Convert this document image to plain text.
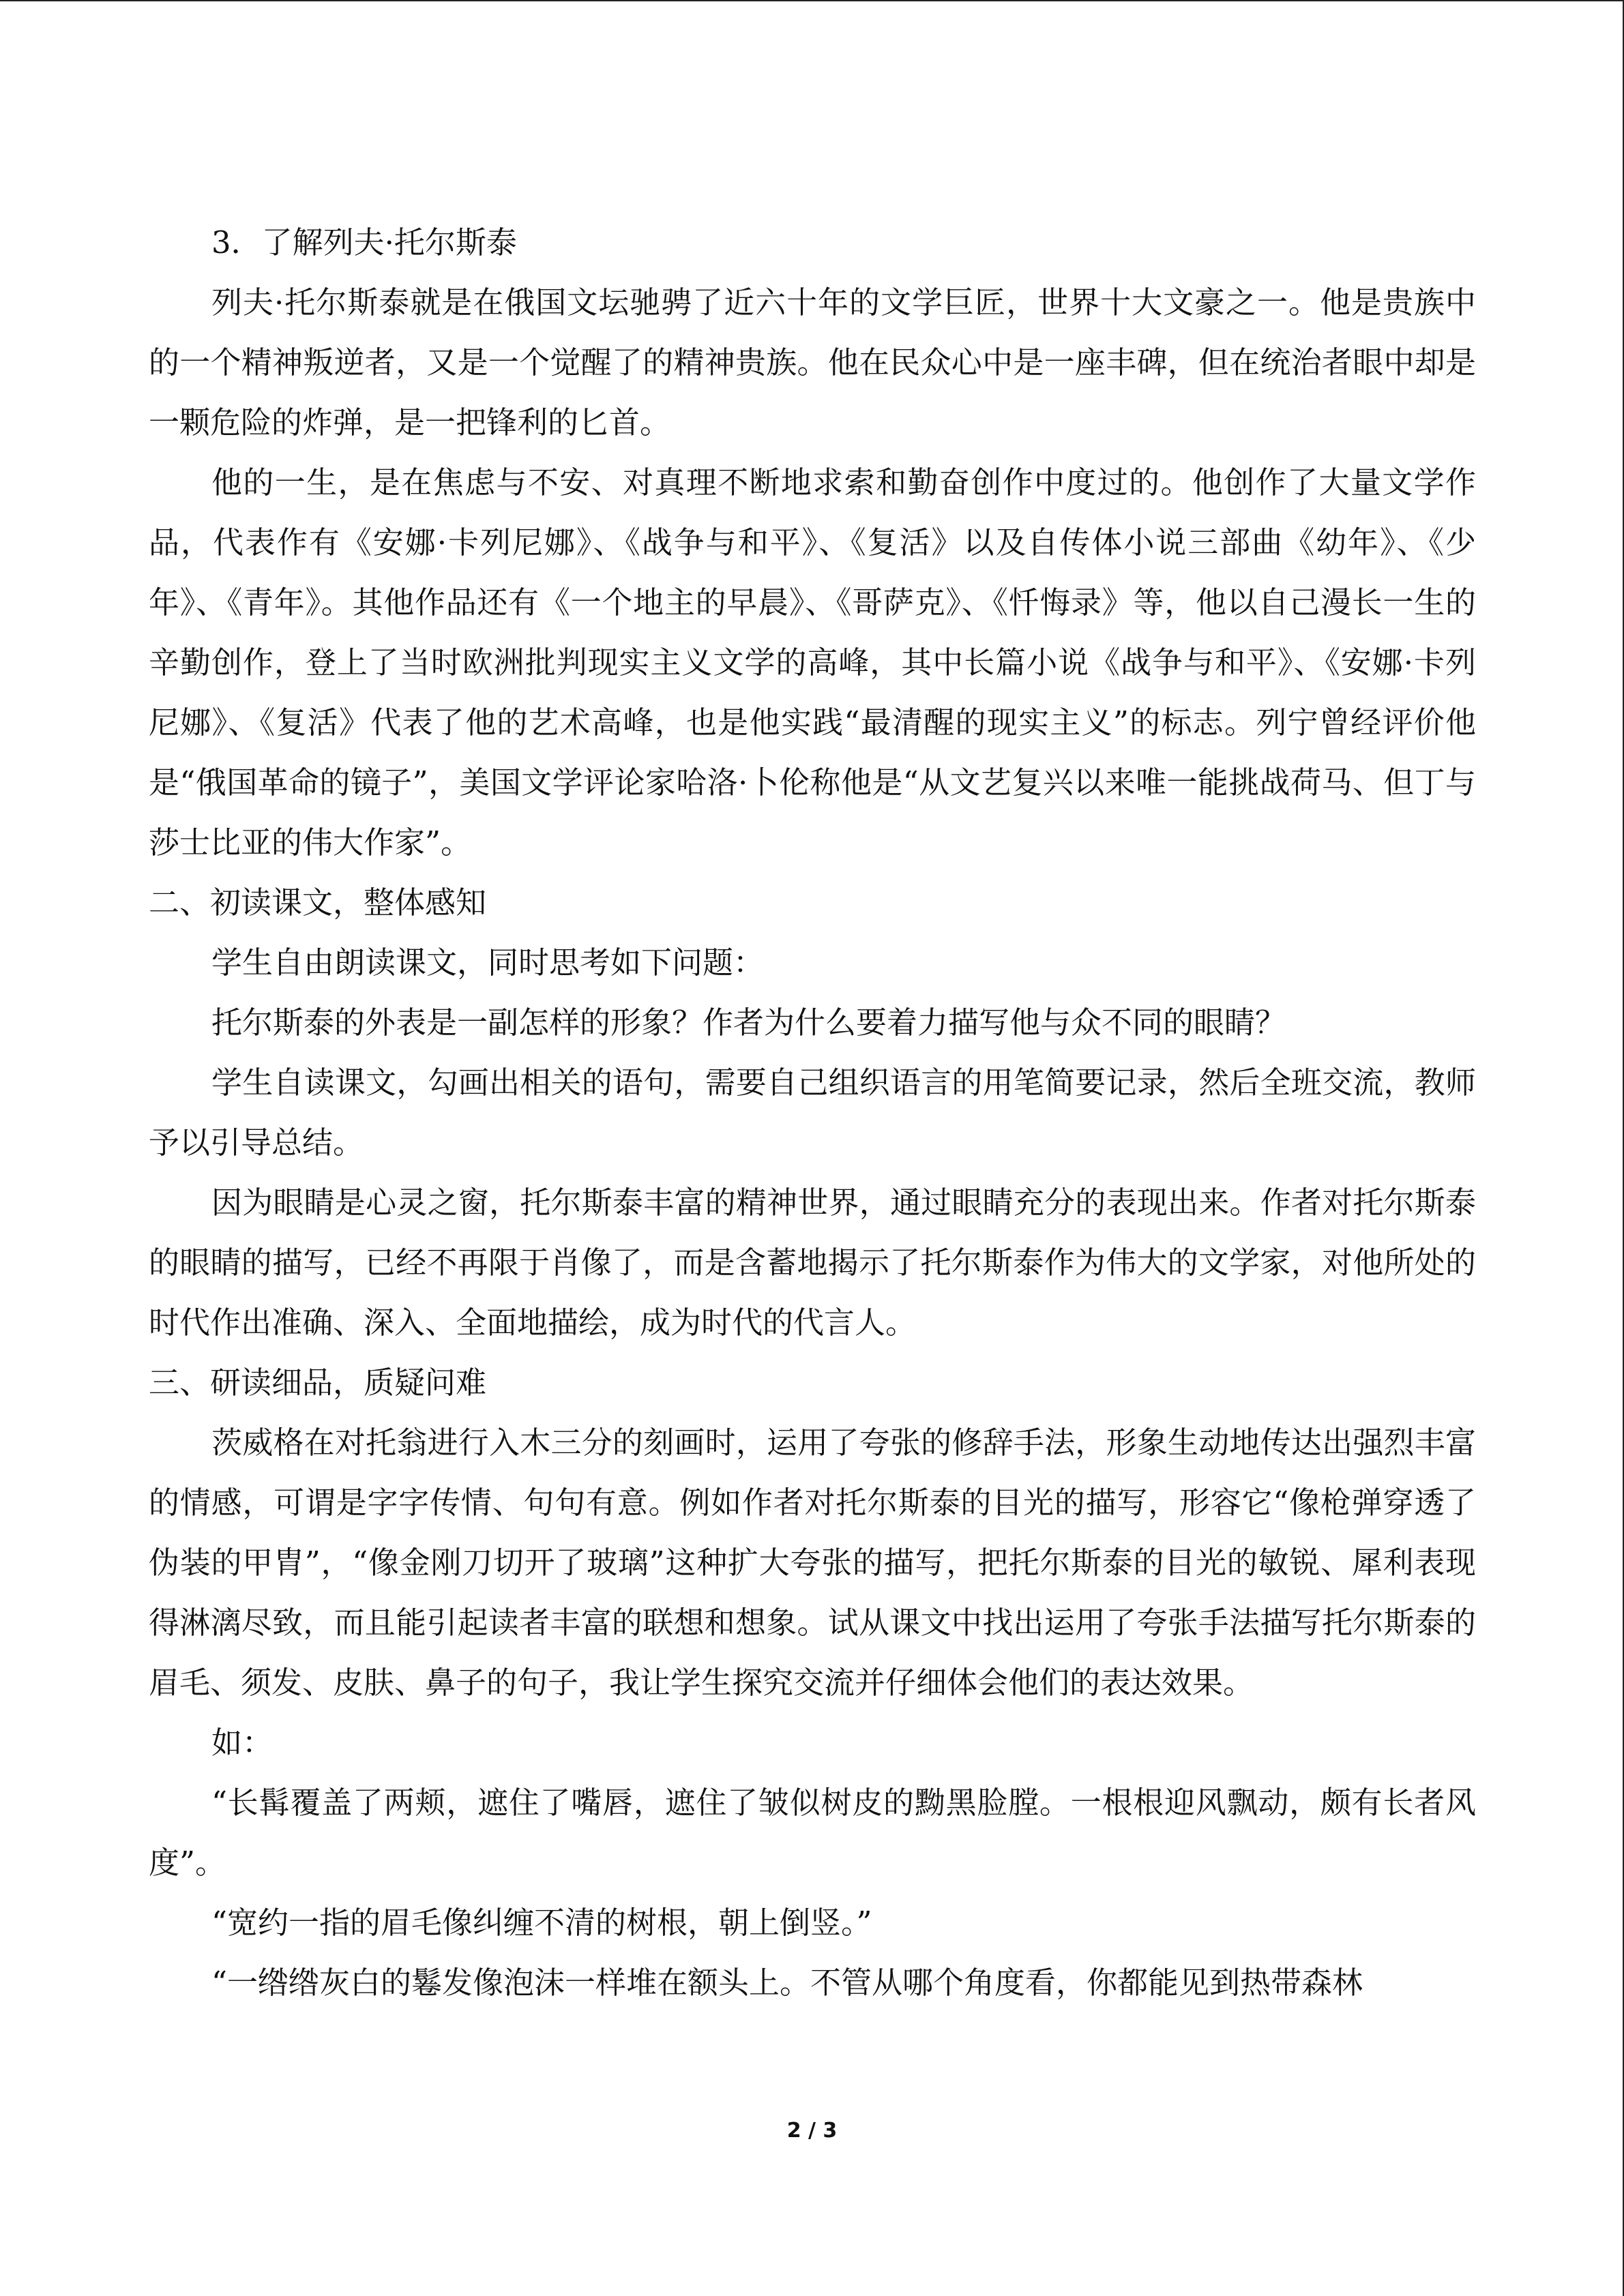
3．了解列夫·托尔斯泰

列夫·托尔斯泰就是在俄国文坛驰骋了近六十年的文学巨匠，世界十大文豪之一。他是贵族中的一个精神叛逆者，又是一个觉醒了的精神贵族。他在民众心中是一座丰碑，但在统治者眼中却是一颗危险的炸弹，是一把锋利的匕首。

他的一生，是在焦虑与不安、对真理不断地求索和勤奋创作中度过的。他创作了大量文学作品，代表作有《安娜·卡列尼娜》、《战争与和平》、《复活》以及自传体小说三部曲《幼年》、《少年》、《青年》。其他作品还有《一个地主的早晨》、《哥萨克》、《忏悔录》等，他以自己漫长一生的辛勤创作，登上了当时欧洲批判现实主义文学的高峰，其中长篇小说《战争与和平》、《安娜·卡列尼娜》、《复活》代表了他的艺术高峰，也是他实践“最清醒的现实主义”的标志。列宁曾经评价他是“俄国革命的镜子”，美国文学评论家哈洛·卜伦称他是“从文艺复兴以来唯一能挑战荷马、但丁与莎士比亚的伟大作家”。

二、初读课文，整体感知

学生自由朗读课文，同时思考如下问题：

托尔斯泰的外表是一副怎样的形象？作者为什么要着力描写他与众不同的眼睛？

学生自读课文，勾画出相关的语句，需要自己组织语言的用笔简要记录，然后全班交流，教师予以引导总结。

因为眼睛是心灵之窗，托尔斯泰丰富的精神世界，通过眼睛充分的表现出来。作者对托尔斯泰的眼睛的描写，已经不再限于肖像了，而是含蓄地揭示了托尔斯泰作为伟大的文学家，对他所处的时代作出准确、深入、全面地描绘，成为时代的代言人。

三、研读细品，质疑问难

茨威格在对托翁进行入木三分的刻画时，运用了夸张的修辞手法，形象生动地传达出强烈丰富的情感，可谓是字字传情、句句有意。例如作者对托尔斯泰的目光的描写，形容它“像枪弹穿透了伪装的甲胄”，“像金刚刀切开了玻璃”这种扩大夸张的描写，把托尔斯泰的目光的敏锐、犀利表现得淋漓尽致，而且能引起读者丰富的联想和想象。试从课文中找出运用了夸张手法描写托尔斯泰的眉毛、须发、皮肤、鼻子的句子，我让学生探究交流并仔细体会他们的表达效果。

如：

“长髯覆盖了两颊，遮住了嘴唇，遮住了皱似树皮的黝黑脸膛。一根根迎风飘动，颇有长者风度”。

“宽约一指的眉毛像纠缠不清的树根，朝上倒竖。”

“一绺绺灰白的鬈发像泡沫一样堆在额头上。不管从哪个角度看，你都能见到热带森林

2 / 3
